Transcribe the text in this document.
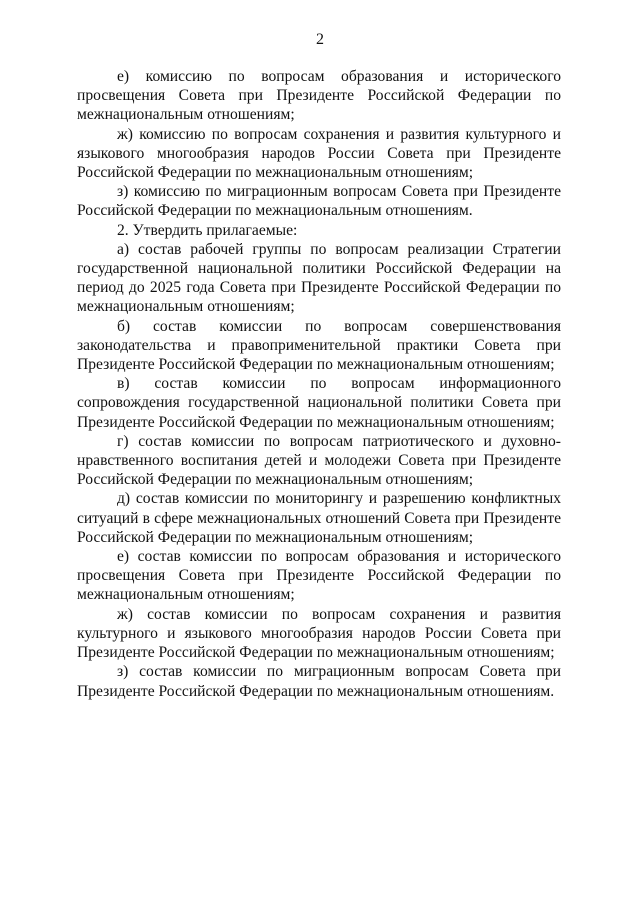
2

е) комиссию по вопросам образования и исторического просвещения Совета при Президенте Российской Федерации по межнациональным отношениям;

ж) комиссию по вопросам сохранения и развития культурного и языкового многообразия народов России Совета при Президенте Российской Федерации по межнациональным отношениям;

з) комиссию по миграционным вопросам Совета при Президенте Российской Федерации по межнациональным отношениям.

2. Утвердить прилагаемые:

а) состав рабочей группы по вопросам реализации Стратегии государственной национальной политики Российской Федерации на период до 2025 года Совета при Президенте Российской Федерации по межнациональным отношениям;

б) состав комиссии по вопросам совершенствования законодательства и правоприменительной практики Совета при Президенте Российской Федерации по межнациональным отношениям;

в) состав комиссии по вопросам информационного сопровождения государственной национальной политики Совета при Президенте Российской Федерации по межнациональным отношениям;

г) состав комиссии по вопросам патриотического и духовно-нравственного воспитания детей и молодежи Совета при Президенте Российской Федерации по межнациональным отношениям;

д) состав комиссии по мониторингу и разрешению конфликтных ситуаций в сфере межнациональных отношений Совета при Президенте Российской Федерации по межнациональным отношениям;

е) состав комиссии по вопросам образования и исторического просвещения Совета при Президенте Российской Федерации по межнациональным отношениям;

ж) состав комиссии по вопросам сохранения и развития культурного и языкового многообразия народов России Совета при Президенте Российской Федерации по межнациональным отношениям;

з) состав комиссии по миграционным вопросам Совета при Президенте Российской Федерации по межнациональным отношениям.
